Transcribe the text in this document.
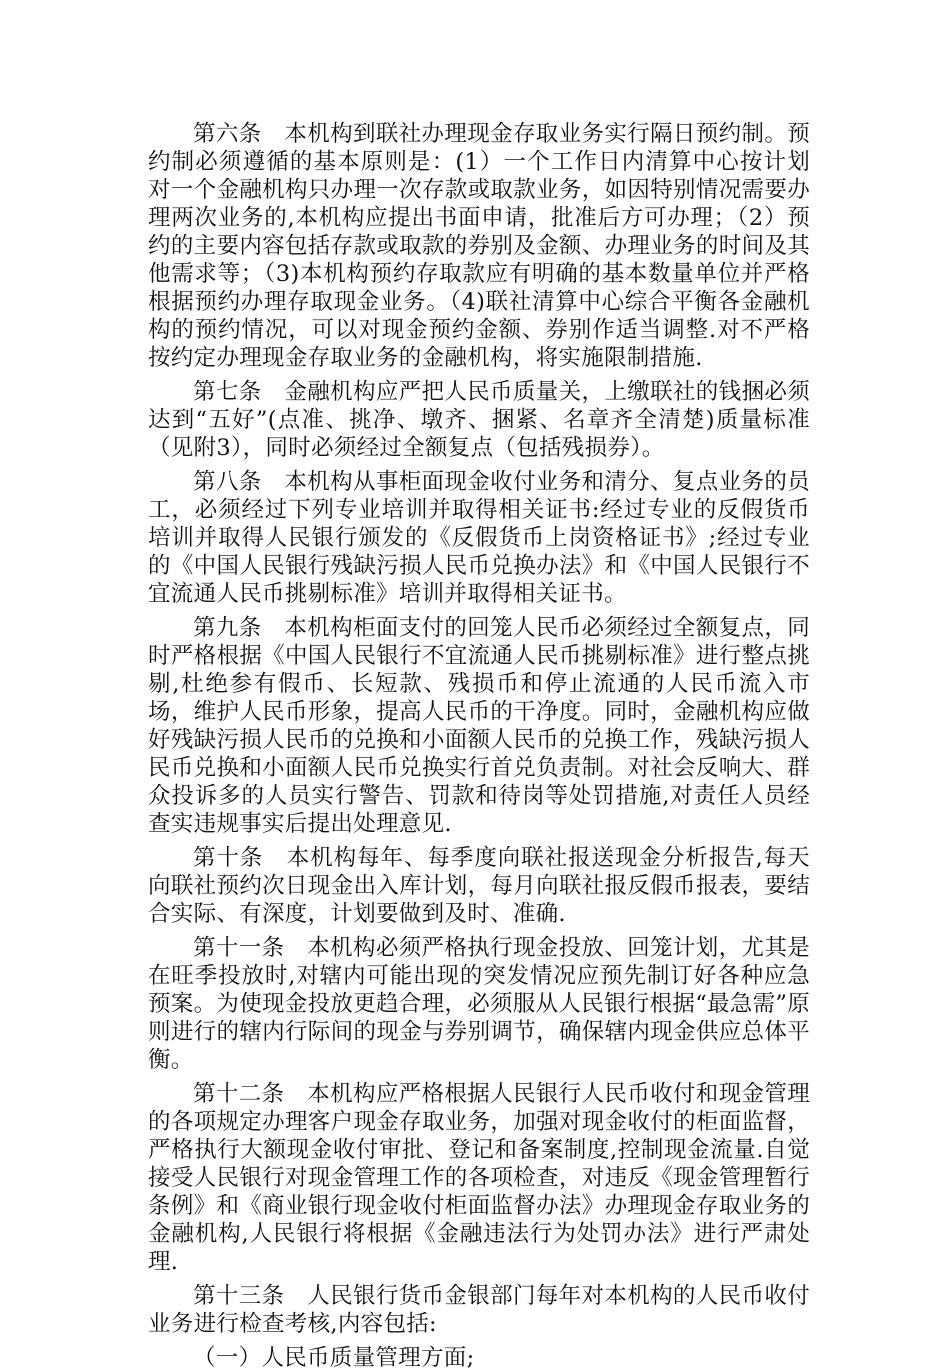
第六条　本机构到联社办理现金存取业务实行隔日预约制。预约制必须遵循的基本原则是：(1）一个工作日内清算中心按计划对一个金融机构只办理一次存款或取款业务，如因特别情况需要办理两次业务的,本机构应提出书面申请，批准后方可办理；（2）预约的主要内容包括存款或取款的券别及金额、办理业务的时间及其他需求等；（3)本机构预约存取款应有明确的基本数量单位并严格根据预约办理存取现金业务。（4)联社清算中心综合平衡各金融机构的预约情况，可以对现金预约金额、券别作适当调整.对不严格按约定办理现金存取业务的金融机构，将实施限制措施.

第七条　金融机构应严把人民币质量关，上缴联社的钱捆必须达到“五好”(点准、挑净、墩齐、捆紧、名章齐全清楚)质量标准（见附3），同时必须经过全额复点（包括残损券）。

第八条　本机构从事柜面现金收付业务和清分、复点业务的员工，必须经过下列专业培训并取得相关证书:经过专业的反假货币培训并取得人民银行颁发的《反假货币上岗资格证书》;经过专业的《中国人民银行残缺污损人民币兑换办法》和《中国人民银行不宜流通人民币挑剔标准》培训并取得相关证书。

第九条　本机构柜面支付的回笼人民币必须经过全额复点，同时严格根据《中国人民银行不宜流通人民币挑剔标准》进行整点挑剔,杜绝参有假币、长短款、残损币和停止流通的人民币流入市场，维护人民币形象，提高人民币的干净度。同时，金融机构应做好残缺污损人民币的兑换和小面额人民币的兑换工作，残缺污损人民币兑换和小面额人民币兑换实行首兑负责制。对社会反响大、群众投诉多的人员实行警告、罚款和待岗等处罚措施,对责任人员经查实违规事实后提出处理意见.

第十条　本机构每年、每季度向联社报送现金分析报告,每天向联社预约次日现金出入库计划，每月向联社报反假币报表，要结合实际、有深度，计划要做到及时、准确.

第十一条　本机构必须严格执行现金投放、回笼计划，尤其是在旺季投放时,对辖内可能出现的突发情况应预先制订好各种应急预案。为使现金投放更趋合理，必须服从人民银行根据“最急需”原则进行的辖内行际间的现金与券别调节，确保辖内现金供应总体平衡。

第十二条　本机构应严格根据人民银行人民币收付和现金管理的各项规定办理客户现金存取业务，加强对现金收付的柜面监督，严格执行大额现金收付审批、登记和备案制度,控制现金流量.自觉接受人民银行对现金管理工作的各项检查，对违反《现金管理暂行条例》和《商业银行现金收付柜面监督办法》办理现金存取业务的金融机构,人民银行将根据《金融违法行为处罚办法》进行严肃处理.

第十三条　人民银行货币金银部门每年对本机构的人民币收付业务进行检查考核,内容包括:

（一）人民币质量管理方面;
